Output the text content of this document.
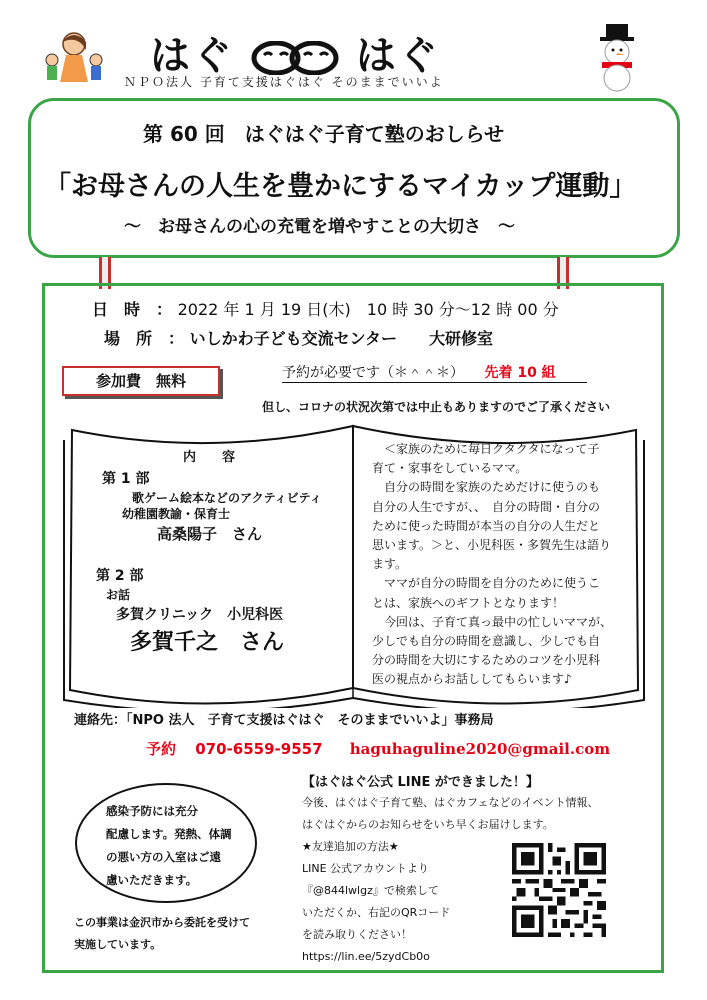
はぐ	はぐ
ＮＰＯ法人 子育て支援はぐはぐ そのままでいいよ
第 60 回　はぐはぐ子育て塾のおしらせ
「お母さんの人生を豊かにするマイカップ運動」
～　お母さんの心の充電を増やすことの大切さ　～
日　時　： 2022 年 1 月 19 日(木)　10 時 30 分～12 時 00 分
場　所　： いしかわ子ども交流センター　　大研修室
参加費　無料	予約が必要です（＊＾＾＊） 先着 10 組
但し、コロナの状況次第では中止もありますのでご了承ください
内　　容
第 1 部
歌ゲーム絵本などのアクティビティ
幼稚園教諭・保育士
高桑陽子　さん
第 2 部
お話
多賀クリニック　小児科医
多賀千之　さん
　＜家族のために毎日クタクタになって子
育て・家事をしているママ。
　自分の時間を家族のためだけに使うのも
自分の人生ですが、、　自分の時間・自分の
ために使った時間が本当の自分の人生だと
思います。＞と、小児科医・多賀先生は語り
ます。
　ママが自分の時間を自分のために使うこ
とは、家族へのギフトとなります！
　今回は、子育て真っ最中の忙しいママが、
少しでも自分の時間を意識し、少しでも自
分の時間を大切にするためのコツを小児科
医の視点からお話ししてもらいます♪
連絡先：「NPO 法人　子育て支援はぐはぐ　そのままでいいよ」事務局
予約 070-6559-9557 haguhaguline2020@gmail.com
感染予防には充分
配慮します。発熱、体調
の悪い方の入室はご遠
慮いただきます。
この事業は金沢市から委託を受けて
実施しています。
【はぐはぐ公式 LINE ができました！】
今後、はぐはぐ子育て塾、はぐカフェなどのイベント情報、
はぐはぐからのお知らせをいち早くお届けします。
★友達追加の方法★
LINE 公式アカウントより
『@844lwlgz』で検索して
いただくか、右記のQRコード
を読み取りください！
https://lin.ee/5zydCb0o
